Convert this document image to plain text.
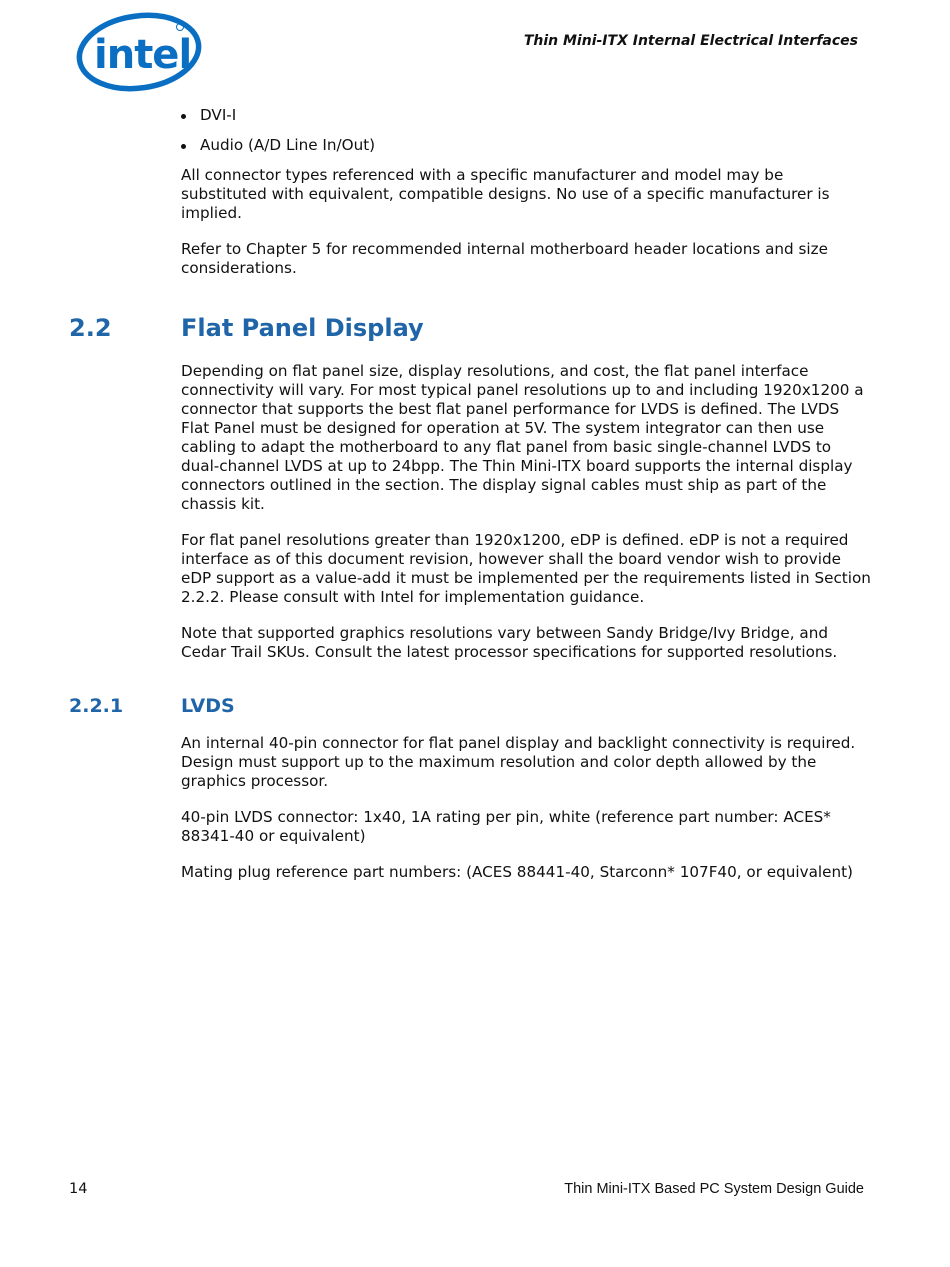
intel	Thin Mini-ITX Internal Electrical Interfaces
DVI-I
Audio (A/D Line In/Out)

All connector types referenced with a specific manufacturer and model may be substituted with equivalent, compatible designs. No use of a specific manufacturer is implied.

Refer to Chapter 5 for recommended internal motherboard header locations and size considerations.

2.2	Flat Panel Display

Depending on flat panel size, display resolutions, and cost, the flat panel interface connectivity will vary. For most typical panel resolutions up to and including 1920x1200 a connector that supports the best flat panel performance for LVDS is defined. The LVDS Flat Panel must be designed for operation at 5V. The system integrator can then use cabling to adapt the motherboard to any flat panel from basic single-channel LVDS to dual-channel LVDS at up to 24bpp. The Thin Mini-ITX board supports the internal display connectors outlined in the section. The display signal cables must ship as part of the chassis kit.

For flat panel resolutions greater than 1920x1200, eDP is defined. eDP is not a required interface as of this document revision, however shall the board vendor wish to provide eDP support as a value-add it must be implemented per the requirements listed in Section 2.2.2. Please consult with Intel for implementation guidance.

Note that supported graphics resolutions vary between Sandy Bridge/Ivy Bridge, and Cedar Trail SKUs. Consult the latest processor specifications for supported resolutions.

2.2.1	LVDS

An internal 40-pin connector for flat panel display and backlight connectivity is required. Design must support up to the maximum resolution and color depth allowed by the graphics processor.

40-pin LVDS connector: 1x40, 1A rating per pin, white (reference part number: ACES* 88341-40 or equivalent)

Mating plug reference part numbers: (ACES 88441-40, Starconn* 107F40, or equivalent)

14	Thin Mini-ITX Based PC System Design Guide
